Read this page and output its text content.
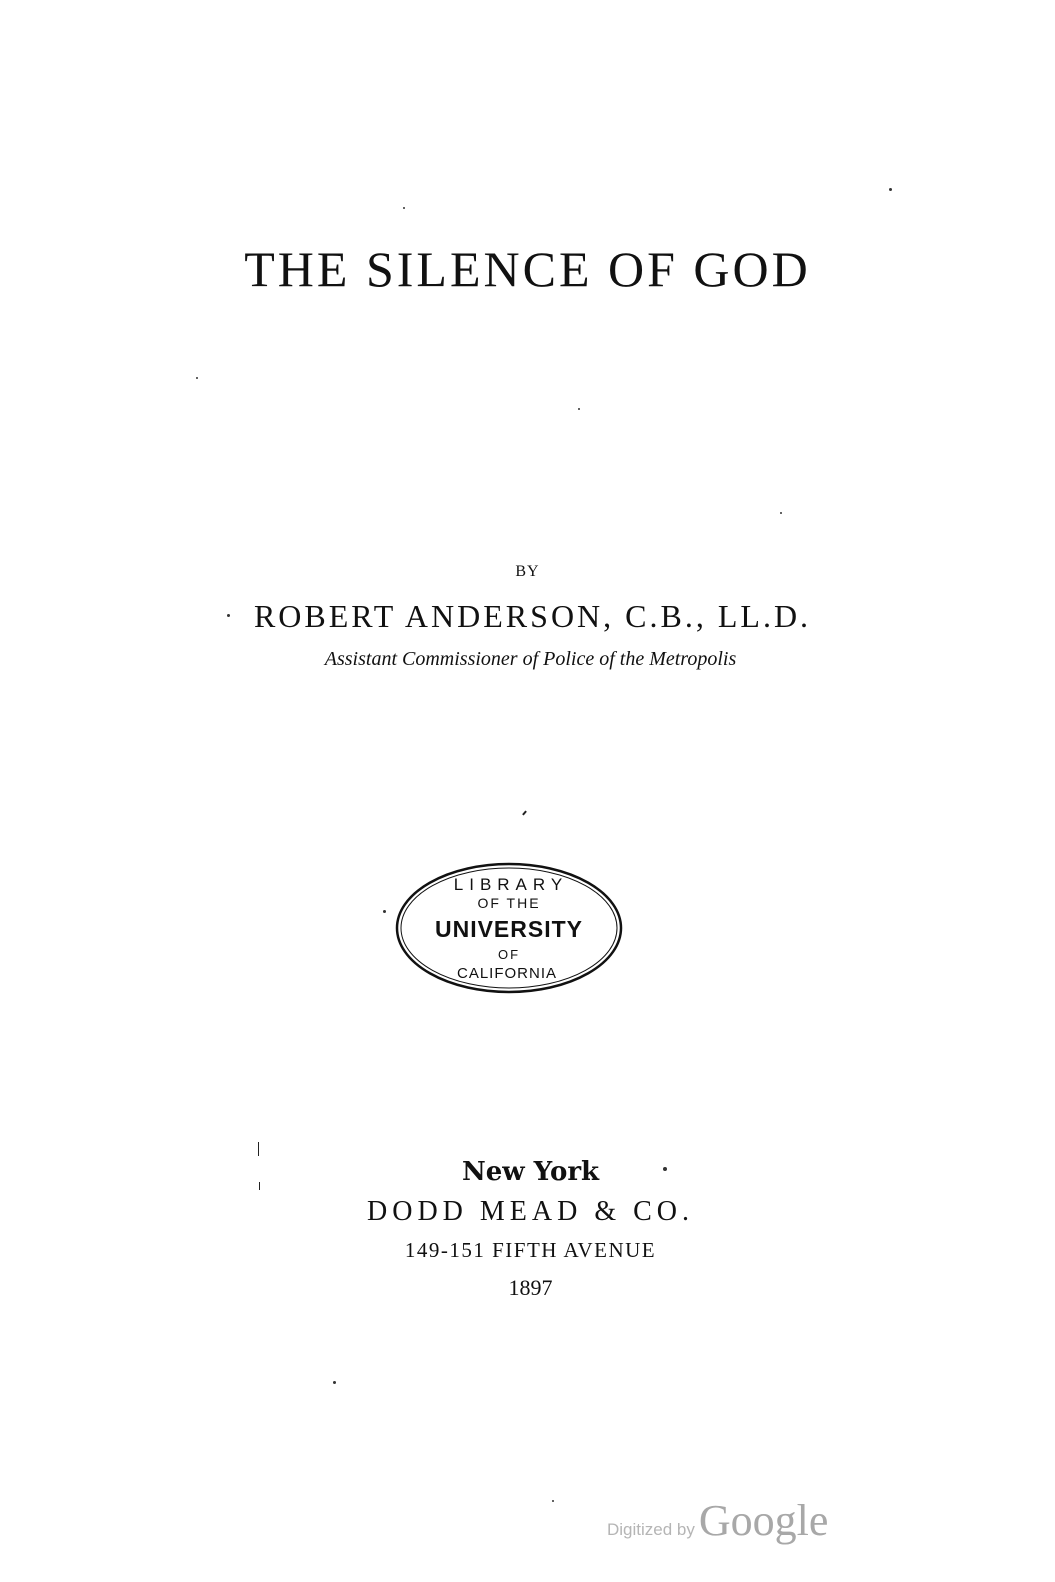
THE SILENCE OF GOD
BY
ROBERT ANDERSON, C.B., LL.D.
Assistant Commissioner of Police of the Metropolis
LIBRARY
OF THE
UNIVERSITY
OF
CALIFORNIA
New York
DODD MEAD & CO.
149-151 FIFTH AVENUE
1897
Digitized byGoogle
